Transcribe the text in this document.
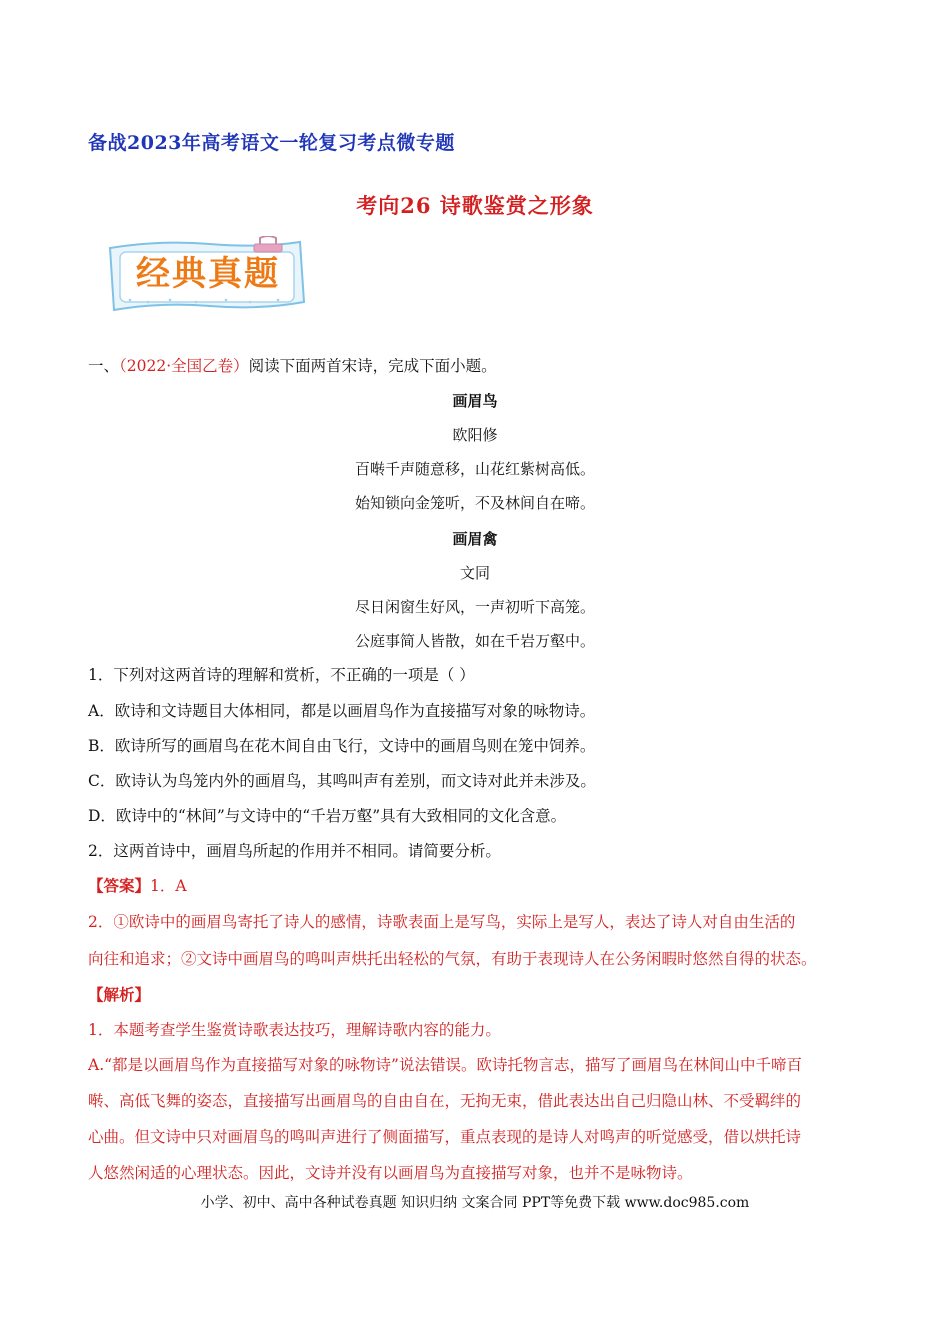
备战2023年高考语文一轮复习考点微专题
考向26 诗歌鉴赏之形象
经典真题
一、（2022·全国乙卷）阅读下面两首宋诗，完成下面小题。
画眉鸟
欧阳修
百啭千声随意移，山花红紫树高低。
始知锁向金笼听，不及林间自在啼。
画眉禽
文同
尽日闲窗生好风，一声初听下高笼。
公庭事简人皆散，如在千岩万壑中。
1．下列对这两首诗的理解和赏析，不正确的一项是（ ）
A．欧诗和文诗题目大体相同，都是以画眉鸟作为直接描写对象的咏物诗。
B．欧诗所写的画眉鸟在花木间自由飞行，文诗中的画眉鸟则在笼中饲养。
C．欧诗认为鸟笼内外的画眉鸟，其鸣叫声有差别，而文诗对此并未涉及。
D．欧诗中的“林间”与文诗中的“千岩万壑”具有大致相同的文化含意。
2．这两首诗中，画眉鸟所起的作用并不相同。请简要分析。
【答案】1．A
2．①欧诗中的画眉鸟寄托了诗人的感情，诗歌表面上是写鸟，实际上是写人，表达了诗人对自由生活的
向往和追求；②文诗中画眉鸟的鸣叫声烘托出轻松的气氛，有助于表现诗人在公务闲暇时悠然自得的状态。
【解析】
1．本题考查学生鉴赏诗歌表达技巧，理解诗歌内容的能力。
A.“都是以画眉鸟作为直接描写对象的咏物诗”说法错误。欧诗托物言志，描写了画眉鸟在林间山中千啼百
啭、高低飞舞的姿态，直接描写出画眉鸟的自由自在，无拘无束，借此表达出自己归隐山林、不受羁绊的
心曲。但文诗中只对画眉鸟的鸣叫声进行了侧面描写，重点表现的是诗人对鸣声的听觉感受，借以烘托诗
人悠然闲适的心理状态。因此，文诗并没有以画眉鸟为直接描写对象，也并不是咏物诗。
小学、初中、高中各种试卷真题 知识归纳 文案合同 PPT等免费下载 www.doc985.com
